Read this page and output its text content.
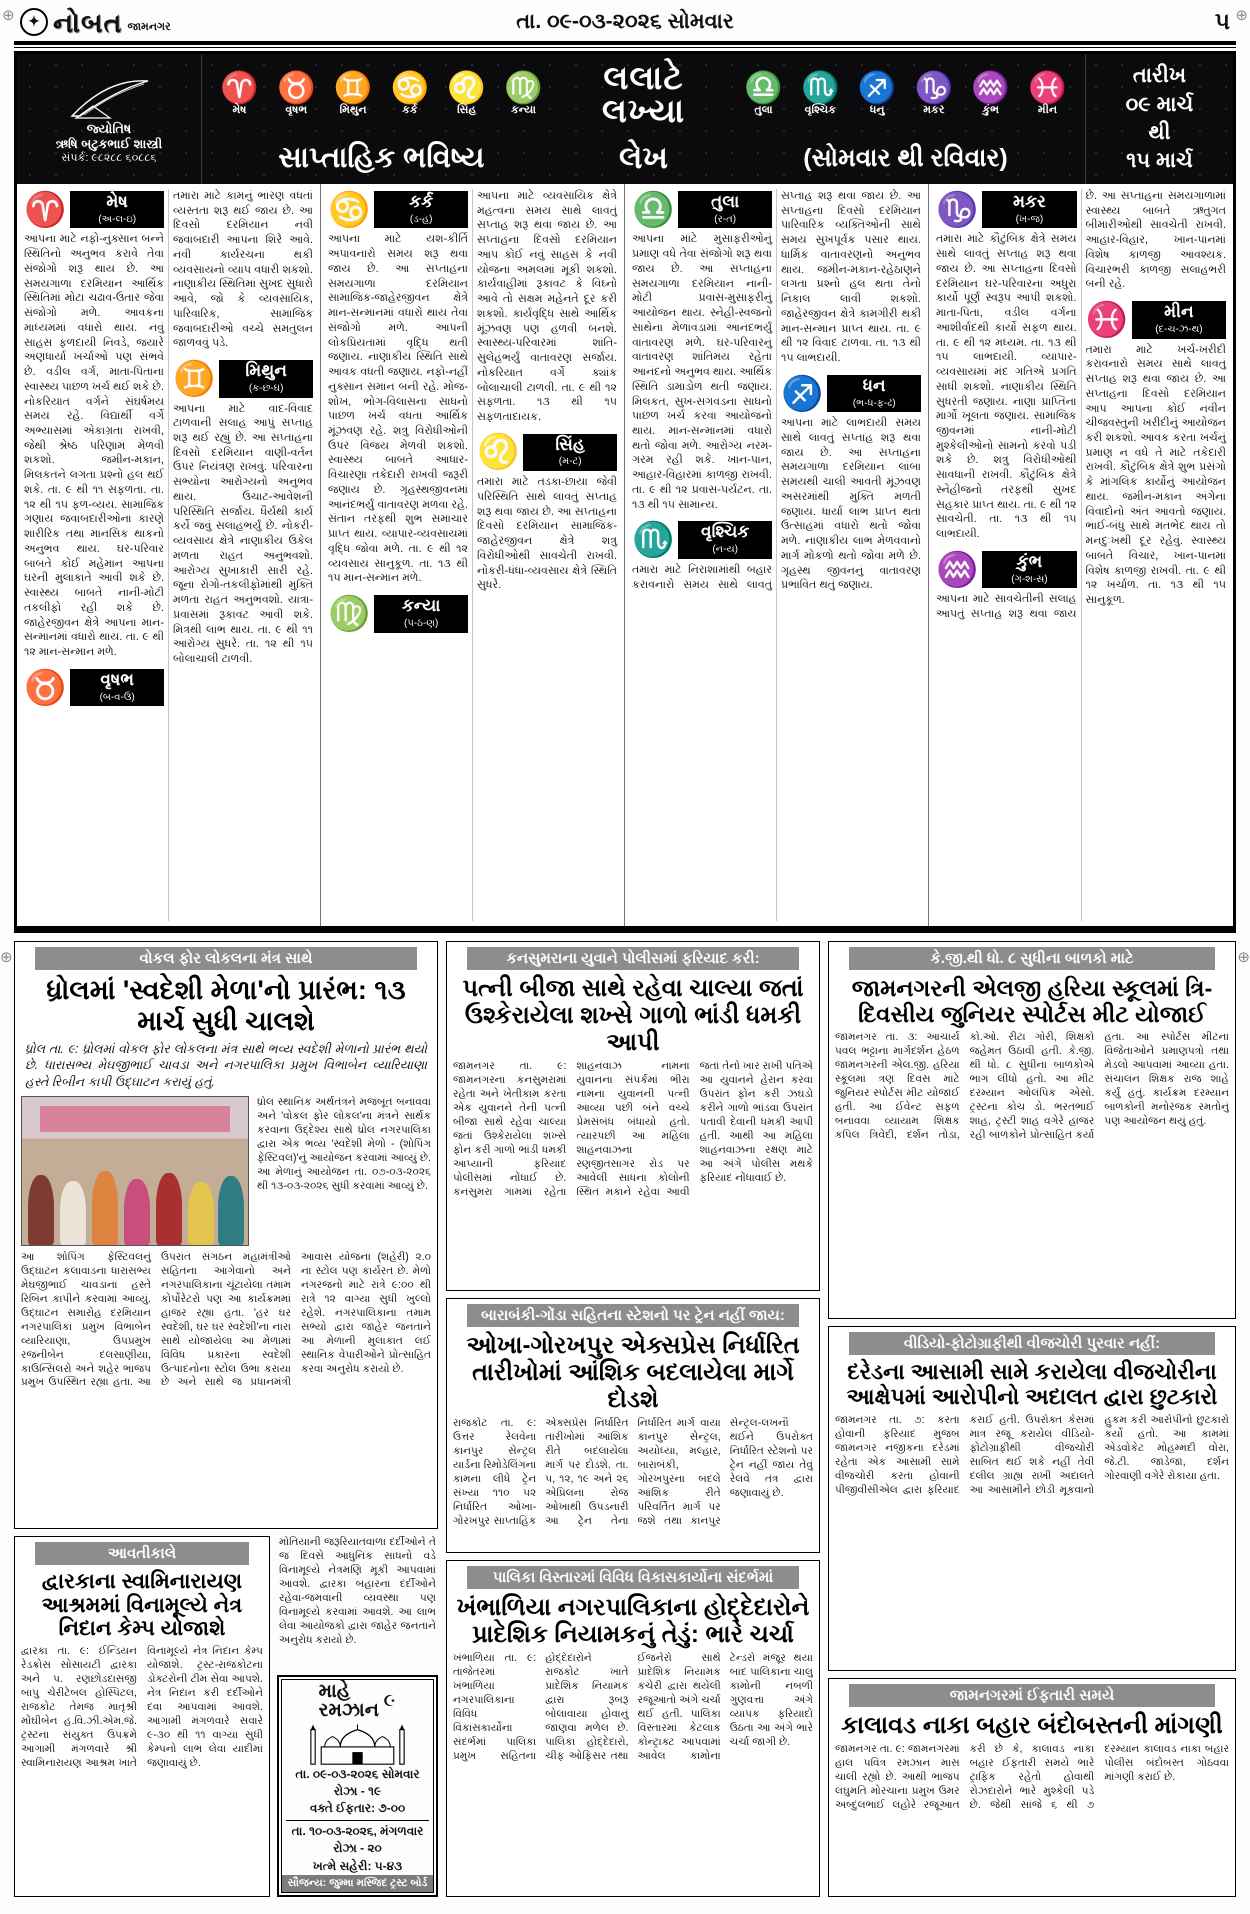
⊕	⊕
⊕
⊕
✦ નોબત જામનગર	તા. ૦૯-૦૩-૨૦૨૬ સોમવાર	૫
જ્યોતિષ
ઋષિ બટુકભાઈ શાસ્ત્રી
સંપર્ક: ૯૮૨૮૮ ૬૦૮૮૬
♈
મેષ
♉
વૃષભ
♊
મિથુન
♋
કર્ક
♌
સિંહ
♍
કન્યા
લલાટે
લખ્યા
♎
તુલા
♏
વૃશ્ચિક
♐
ધનુ
♑
મકર
♒
કુંભ
♓
મીન
સાપ્તાહિક ભવિષ્ય	લેખ	(સોમવાર થી રવિવાર)
તારીખ
૦૯ માર્ચ
થી
૧૫ માર્ચ
♈	મેષ
(અ-લ-ઇ)
આપના માટે નફો-નુક્સાન બન્ને સ્થિતિનો અનુભવ કરાવે તેવા સંજોગો શરૂ થાય છે. આ સમયગાળા દરમિયાન આર્થિક સ્થિતિમાં મોટા ચઢાવ-ઉતાર જેવા સંજોગો મળે. આવકના માધ્યમમાં વધારો થાય. નવું સાહસ ફળદાયી નિવડે, જયારે અણધાર્યા ખર્ચાઓ પણ સંભવે છે. વડીલ વર્ગ, માતા-પિતાના સ્વાસ્થ્ય પાછળ ખર્ચ થઈ શકે છે. નોકરિયાત વર્ગને સંઘર્ષમય સમય રહે. વિદ્યાર્થી વર્ગે અભ્યાસમાં એકાગ્રતા રાખવી, જેથી શ્રેષ્ઠ પરિણામ મેળવી શકશો. જમીન-મકાન, મિલકતને લગતા પ્રશ્નો હલ થઈ શકે. તા. ૯ થી ૧૧ સફળતા. તા. ૧૨ થી ૧૫ ફળ-વ્યય. સામાજિક ગણાય જવાબદારીઓના કારણે શારીરિક તથા માનસિક થાકનો અનુભવ થાય. ઘર-પરિવાર બાબતે કોઈ મહેમાન આપના ઘરની મુલાકાતે આવી શકે છે. સ્વાસ્થ્ય બાબતે નાની-મોટી તકલીફો રહી શકે છે. જાહેરજીવન ક્ષેત્રે આપના માન-સન્માનમાં વધારો થાય. તા. ૯ થી ૧૨ માન-સન્માન મળે.
♉	વૃષભ
(બ-વ-ઉ)
તમારા માટે કામનું ભારણ વધતાં વ્યસ્તતા શરૂ થઈ જાય છે. આ દિવસો દરમિયાન નવી જવાબદારી આપના શિરે આવે. નવી કાર્યરચના થકી વ્યવસાયનો વ્યાપ વધારી શકશો. નાણાકીય સ્થિતિમાં સુખદ સુધારો આવે, જો કે વ્યવસાયિક, પારિવારિક, સામાજિક જવાબદારીઓ વચ્ચે સમતુલન જાળવવું પડે.
♊	મિથુન
(ક-છ-ઘ)
આપના માટે વાદ-વિવાદ ટાળવાની સલાહ આપું સપ્તાહ શરૂ થઈ રહ્યું છે. આ સપ્તાહના દિવસો દરમિયાન વાણી-વર્તન ઉપર નિયંત્રણ રાખવું. પરિવારના સભ્યોના આરોગ્યનો અનુભવ થાય. ઉચાટ-આવેશની પરિસ્થિતિ સર્જાય. ધૈર્યથી કાર્ય કર્યે જવું સલાહભર્યું છે. નોકરી-વ્યવસાય ક્ષેત્રે નાણાકીય ઉકેલ મળતા રાહત અનુભવશો. આરોગ્ય સુખાકારી સારી રહે. જૂના રોગો-તકલીફોમાંથી મુક્તિ મળતા રાહત અનુભવશો. યાત્રા-પ્રવાસમાં રૂકાવટ આવી શકે. મિત્રથી લાભ થાય. તા. ૯ થી ૧૧ આરોગ્ય સુધરે. તા. ૧૨ થી ૧૫ બોલાચાલી ટાળવી.
♋	કર્ક
(ડ-હ)
આપના માટે યશ-કીર્તિ અપાવનારો સમય શરૂ થવા જાય છે. આ સપ્તાહના સમયગાળા દરમિયાન સામાજિક-જાહેરજીવન ક્ષેત્રે માન-સન્માનમાં વધારો થાય તેવા સંજોગો મળે. આપની લોકપ્રિયતામાં વૃદ્ધિ થતી જણાય. નાણાકીય સ્થિતિ સાથે આવક વધતી જણાય. નફો-નહીં નુક્સાન સમાન બની રહે. મોજ-શોખ, ભોગ-વિલાસના સાધનો પાછળ ખર્ચ વધતા આર્થિક મૂંઝવણ રહે. શત્રુ વિરોધીઓની ઉપર વિજય મેળવી શકશો. સ્વાસ્થ્ય બાબતે આધાર-વિચારણા તકેદારી રાખવી જરૂરી જણાય છે. ગૃહસ્થજીવનમાં આનંદભર્યું વાતાવરણ મળવા રહે. સંતાન તરફથી શુભ સમાચાર પ્રાપ્ત થાય. વ્યાપાર-વ્યવસાયમાં વૃદ્ધિ જોવા મળે. તા. ૯ થી ૧૨ વ્યવસાય સાનુકૂળ. તા. ૧૩ થી ૧૫ માન-સન્માન મળે.
♍	કન્યા
(પ-ઠ-ણ)
આપના માટે વ્યવસાયિક ક્ષેત્રે મહત્વના સમય સાથે લાવતું સપ્તાહ શરૂ થવા જાય છે. આ સપ્તાહના દિવસો દરમિયાન આપ કોઈ નવું સાહસ કે નવી યોજના અમલમાં મૂકી શકશો. કાર્યવાહીમાં રૂકાવટ કે વિઘ્નો આવે તો સક્ષમ મહેનતે દૂર કરી શકશો. કાર્યવૃદ્ધિ સાથે આર્થિક મૂંઝવણ પણ હળવી બનશે. સ્વાસ્થ્ય-પરિવારમાં શાંતિ-સુલેહભર્યું વાતાવરણ સર્જાય. નોકરિયાત વર્ગે ક્યાંક બોલાચાલી ટાળવી. તા. ૯ થી ૧૨ સફળતા. ૧૩ થી ૧૫ સફળતાદાયક.
♌	સિંહ
(મ-ટ)
તમારા માટે તડકા-છાયા જેવી પરિસ્થિતિ સાથે લાવતું સપ્તાહ શરૂ થવા જાય છે. આ સપ્તાહના દિવસો દરમિયાન સામાજિક-જાહેરજીવન ક્ષેત્રે શત્રુ વિરોધીઓથી સાવચેતી રાખવી. નોકરી-ધંધા-વ્યવસાય ક્ષેત્રે સ્થિતિ સુધરે.
♎	તુલા
(ર-ત)
આપના માટે મુસાફરીઓનું પ્રમાણ વધે તેવા સંજોગો શરૂ થવા જાય છે. આ સપ્તાહના સમયગાળા દરમિયાન નાની-મોટી પ્રવાસ-મુસાફરીનું આયોજન થાય. સ્નેહી-સ્વજનો સાથેના મેળાવડામાં આનંદભર્યું વાતાવરણ મળે. ઘર-પરિવારનું વાતાવરણ શાંતિમય રહેતા આનંદનો અનુભવ થાય. આર્થિક સ્થિતિ ડામાડોળ થતી જણાય. મિલકત, સુખ-સગવડના સાધનો પાછળ ખર્ચ કરવા આયોજનો થાય. માન-સન્માનમાં વધારો થતો જોવા મળે. આરોગ્ય નરમ-ગરમ રહી શકે. ખાન-પાન, આહાર-વિહારમાં કાળજી રાખવી. તા. ૯ થી ૧૨ પ્રવાસ-પર્યટન. તા. ૧૩ થી ૧૫ સામાન્ય.
♏	વૃશ્ચિક
(ન-ય)
તમારા માટે નિરાશામાંથી બહાર કરાવનારો સમય સાથે લાવતું સપ્તાહ શરૂ થવા જાય છે. આ સપ્તાહના દિવસો દરમિયાન પારિવારિક વ્યક્તિઓની સાથે સમય સુખપૂર્વક પસાર થાય. ધાર્મિક વાતાવરણનો અનુભવ થાય. જમીન-મકાન-રહેઠાણને લગતા પ્રશ્નો હલ થતા તેનો નિકાલ લાવી શકશો. જાહેરજીવન ક્ષેત્રે કામગીરી થકી માન-સન્માન પ્રાપ્ત થાય. તા. ૯ થી ૧૨ વિવાદ ટાળવા. તા. ૧૩ થી ૧૫ લાભદાયી.
♐	ધન
(ભ-ધ-ફ-ઢ)
આપના માટે લાભદાયી સમય સાથે લાવતું સપ્તાહ શરૂ થવા જાય છે. આ સપ્તાહના સમયગાળા દરમિયાન લાંબા સમયથી ચાલી આવતી મૂંઝવણ અસરમાંથી મુક્તિ મળતી જણાય. ધાર્યા લાભ પ્રાપ્ત થતા ઉત્સાહમાં વધારો થતો જોવા મળે. નાણાકીય લાભ મેળવવાનો માર્ગ મોકળો થતો જોવા મળે છે. ગૃહસ્થ જીવનનું વાતાવરણ પ્રભાવિત થતું જણાય.
♑	મકર
(ખ-જ)
તમારા માટે કૌટુંબિક ક્ષેત્રે સમય સાથે લાવતું સપ્તાહ શરૂ થવા જાય છે. આ સપ્તાહના દિવસો દરમિયાન ઘર-પરિવારના અધુરા કાર્યો પૂર્ણ સ્વરૂપ આપી શકશો. માતા-પિતા, વડીલ વર્ગના આશીર્વાદથી કાર્યો સફળ થાય. તા. ૯ થી ૧૨ મધ્યમ. તા. ૧૩ થી ૧૫ લાભદાયી. વ્યાપાર-વ્યવસાયમાં મંદ ગતિએ પ્રગતિ સાધી શકશો. નાણાકીય સ્થિતિ સુધરતી જણાય. નાણા પ્રાપ્તિના માર્ગો ખૂલતા જણાય. સામાજિક જીવનમાં નાની-મોટી મુશ્કેલીઓનો સામનો કરવો પડી શકે છે. શત્રુ વિરોધીઓથી સાવધાની રાખવી. કૌટુંબિક ક્ષેત્રે સ્નેહીજનો તરફથી સુખદ સહકાર પ્રાપ્ત થાય. તા. ૯ થી ૧૨ સાવચેતી. તા. ૧૩ થી ૧૫ લાભદાયી.
♒	કુંભ
(ગ-શ-સ)
આપના માટે સાવચેતીની સલાહ આપતું સપ્તાહ શરૂ થવા જાય છે. આ સપ્તાહના સમયગાળામાં સ્વાસ્થ્ય બાબતે ઋતુગત બીમારીઓથી સાવચેતી રાખવી. આહાર-વિહાર, ખાન-પાનમાં વિશેષ કાળજી આવશ્યક. વિચારભરી કાળજી સલાહભરી બની રહે.
♓	મીન
(દ-ચ-ઝ-થ)
તમારા માટે ખર્ચ-ખરીદી કરાવનારો સમય સાથે લાવતું સપ્તાહ શરૂ થવા જાય છે. આ સપ્તાહના દિવસો દરમિયાન આપ આપના કોઈ નવીન ચીજવસ્તુની ખરીદીનું આયોજન કરી શકશો. આવક કરતા ખર્ચનું પ્રમાણ ન વધે તે માટે તકેદારી રાખવી. કૌટુંબિક ક્ષેત્રે શુભ પ્રસંગો કે માંગલિક કાર્યોનું આયોજન થાય. જમીન-મકાન અંગેના વિવાદોનો અંત આવતો જણાય. ભાઈ-બંધુ સાથે મતભેદ થાય તો મનદુઃખથી દૂર રહેવું. સ્વાસ્થ્ય બાબતે વિચાર, ખાન-પાનમાં વિશેષ કાળજી રાખવી. તા. ૯ થી ૧૨ ખર્ચાળ. તા. ૧૩ થી ૧૫ સાનુકૂળ.
વોકલ ફોર લોકલના મંત્ર સાથે
ધ્રોલમાં 'સ્વદેશી મેળા'નો પ્રારંભ: ૧૩ માર્ચ સુધી ચાલશે
ધ્રોલ તા. ૯: ધ્રોલમાં વોકલ ફોર લોકલના મંત્ર સાથે ભવ્ય સ્વદેશી મેળાનો પ્રારંભ થયો છે. ધારાસભ્ય મેઘજીભાઈ ચાવડા અને નગરપાલિકા પ્રમુખ વિભાબેન વ્યારિયાણા હસ્તે રિબીન કાપી ઉદ્ઘાટન કરાયું હતું.
ધ્રોલ સ્થાનિક અર્થતંત્રને મજબૂત બનાવવા અને 'વોકલ ફોર લોકલ'ના મંત્રને સાર્થક કરવાના ઉદ્દેશ્ય સાથે ધ્રોલ નગરપાલિકા દ્વારા એક ભવ્ય 'સ્વદેશી મેળો - (શોપિંગ ફેસ્ટિવલ)'નું આયોજન કરવામાં આવ્યું છે. આ મેળાનું આયોજન તા. ૦૭-૦૩-૨૦૨૬ થી ૧૩-૦૩-૨૦૨૬ સુધી કરવામાં આવ્યું છે.
આ શોપિંગ ફેસ્ટિવલનું ઉદ્ઘાટન કલાવાડના ધારાસભ્ય મેઘજીભાઈ ચાવડાના હસ્તે રિબિન કાપીને કરવામાં આવ્યું. ઉદ્ઘાટન સમારોહ દરમિયાન નગરપાલિકા પ્રમુખ વિભાબેન વ્યારિયાણા, ઉપપ્રમુખ રજનીબેન દલસાણીયા, કાઉન્સિલરો અને શહેર ભાજપ પ્રમુખ ઉપસ્થિત રહ્યા હતા. આ ઉપરાંત સંગઠન મહામંત્રીઓ સહિતના આગેવાનો અને નગરપાલિકાના ચૂંટાયેલા તમામ કોર્પોરેટરો પણ આ કાર્યક્રમમાં હાજર રહ્યા હતા. 'હર ઘર સ્વદેશી, ઘર ઘર સ્વદેશી'ના નારા સાથે યોજાયેલા આ મેળામાં વિવિધ પ્રકારના સ્વદેશી ઉત્પાદનોના સ્ટોલ ઉભા કરાયા છે અને સાથે જ પ્રધાનમંત્રી આવાસ યોજના (શહેરી) ૨.૦ ના સ્ટોલ પણ કાર્યરત છે. મેળો નગરજનો માટે રાત્રે ૯:૦૦ થી રાત્રે ૧૨ વાગ્યા સુધી ખુલ્લો રહેશે. નગરપાલિકાના તમામ સભ્યો દ્વારા જાહેર જનતાને આ મેળાની મુલાકાત લઈ સ્થાનિક વેપારીઓને પ્રોત્સાહિત કરવા અનુરોધ કરાયો છે.
આવતીકાલે
દ્વારકાના સ્વામિનારાયણ આશ્રમમાં વિનામૂલ્યે નેત્ર નિદાન કેમ્પ યોજાશે
દ્વારકા તા. ૯: ઈન્ડિયન રેડક્રોસ સોસાયટી દ્વારકા અને પ. રણછોડદાસજી બાપુ ચેરીટેબલ હોસ્પિટલ, રાજકોટ તેમજ માતૃશ્રી મોંઘીબેન હ.વિ.ઝી.એમ.જે. ટ્રસ્ટના સંયુક્ત ઉપક્રમે આગામી મંગળવારે શ્રી સ્વામિનારાયણ આશ્રમ ખાતે વિનામૂલ્યે નેત્ર નિદાન કેમ્પ યોજાશે. ટ્રસ્ટ-રાજકોટના ડોક્ટરોની ટીમ સેવા આપશે. નેત્ર નિદાન કરી દર્દીઓને દવા આપવામાં આવશે. આગામી મંગળવારે સવારે ૯-૩૦ થી ૧૧ વાગ્યા સુધી કેમ્પનો લાભ લેવા યાદીમાં જણાવાયું છે.
મોતિયાની જરૂરિયાતવાળા દર્દીઓને તે જ દિવસે આધુનિક સાધનો વડે વિનામૂલ્યે નેત્રમણિ મૂકી આપવામાં આવશે. દ્વારકા બહારના દર્દીઓને રહેવા-જમવાની વ્યવસ્થા પણ વિનામૂલ્યે કરવામાં આવશે. આ લાભ લેવા આયોજકો દ્વારા જાહેર જનતાને અનુરોધ કરાયો છે.
માહે
રમઝાન ☪
તા. ૦૯-૦૩-૨૦૨૬ સોમવાર
રોઝા - ૧૯
વક્તે ઈફતાર: ૭-૦૦
તા. ૧૦-૦૩-૨૦૨૬, મંગળવાર
રોઝા - ૨૦
ખત્મે સહેરી: ૫-૪૩
સૌજન્ય: જુમ્મા મસ્જિદ ટ્રસ્ટ બોર્ડ
કનસુમરાના યુવાને પોલીસમાં ફરિયાદ કરી:
પત્ની બીજા સાથે રહેવા ચાલ્યા જતાં ઉશ્કેરાયેલા શખ્સે ગાળો ભાંડી ધમકી આપી
જામનગર તા. ૯: જામનગરના કનસુમરામાં રહેતા અને ખેતીકામ કરતા એક યુવાનને તેની પત્ની બીજા સાથે રહેવા ચાલ્યા જતાં ઉશ્કેરાયેલા શખ્સે ફોન કરી ગાળો ભાંડી ધમકી આપ્યાની ફરિયાદ પોલીસમાં નોંધાઈ છે. કનસુમરા ગામમાં રહેતા શાહનવાઝ નામના યુવાનના સંપર્કમાં ભીરા નામના યુવાનની પત્ની આવ્યા પછી બંને વચ્ચે પ્રેમસંબંધ બંધાયો હતો. ત્યારપછી આ મહિલા શાહનવાઝના રણજીતસાગર રોડ પર આવેલી સાધના કોલોની સ્થિત મકાને રહેવા આવી જતાં તેનો ખાર રાખી પતિએ આ યુવાનને હેરાન કરવા ઉપરાંત ફોન કરી ઝઘડો કરીને ગાળો ભાંડવા ઉપરાંત પતાવી દેવાની ધમકી આપી હતી. આથી આ મહિલા શાહનવાઝના રક્ષણ માટે આ અંગે પોલીસ મથકે ફરિયાદ નોંધાવાઈ છે.
બારાબંકી-ગોંડા સહિતના સ્ટેશનો પર ટ્રેન નહીં જાય:
ઓખા-ગોરખપુર એક્સપ્રેસ નિર્ધારિત તારીખોમાં આંશિક બદલાયેલા માર્ગે દોડશે
રાજકોટ તા. ૯: ઉત્તર રેલવેના કાનપુર સેન્ટ્રલ યાર્ડના રિમોડેલિંગના કામના લીધે ટ્રેન સંખ્યા ૧૧૦ ૫૨ નિર્ધારિત ઓખા-ગોરખપુર સાપ્તાહિક એક્સપ્રેસ નિર્ધારિત તારીખોમાં આંશિક રીતે બદલાયેલા માર્ગ પર દોડશે. તા. ૫, ૧૨, ૧૯ અને ૨૬ એપ્રિલના રોજ ઓખાથી ઉપડનારી આ ટ્રેન તેના નિર્ધારિત માર્ગ વાયા કાનપુર સેન્ટ્રલ, અયોધ્યા, મલ્હાર, બારાબંકી, ગોરખપુરના બદલે આંશિક રીતે પરિવર્તિત માર્ગ પર જશે તથા કાનપુર સેન્ટ્રલ-લખનૌ થઈને ઉપરોક્ત નિર્ધારિત સ્ટેશનો પર ટ્રેન નહીં જાય તેવું રેલવે તંત્ર દ્વારા જણાવાયું છે.
પાલિકા વિસ્તારમાં વિવિધ વિકાસકાર્યોના સંદર્ભમાં
ખંભાળિયા નગરપાલિકાના હોદ્દેદારોને પ્રાદેશિક નિયામકનું તેડું: ભારે ચર્ચા
ખંભાળિયા તા. ૯: તાજેતરમાં ખંભાળિયા નગરપાલિકાના વિવિધ વિકાસકાર્યોના સંદર્ભમાં પાલિકા પ્રમુખ સહિતના હોદ્દેદારોને રાજકોટ ખાતે પ્રાદેશિક નિયામક દ્વારા રૂબરૂ બોલાવાયા હોવાનું જાણવા મળેલ છે. પાલિકા હોદ્દેદારો, ચીફ ઓફિસર તથા ઈજનેરો સાથે પ્રાદેશિક નિયામક કચેરી દ્વારા થયેલી રજૂઆતો અંગે ચર્ચા થઈ હતી. પાલિકા વિસ્તારમાં કેટલાક કોન્ટ્રાક્ટ આપવામાં આવેલ કામોના ટેન્ડરો મંજૂર થયા બાદ પાલિકાના ચાલુ કામોની નબળી ગુણવત્તા અંગે વ્યાપક ફરિયાદો ઉઠતા આ અંગે ભારે ચર્ચા જાગી છે.
કે.જી.થી ધો. ૮ સુધીના બાળકો માટે
જામનગરની એલજી હરિયા સ્કૂલમાં ત્રિ-દિવસીય જુનિયર સ્પોર્ટસ મીટ યોજાઈ
જામનગર તા. ૩: આચાર્ય પવલ ભટ્ટાના માર્ગદર્શન હેઠળ જામનગરની એલ.જી. હરિયા સ્કૂલમાં ત્રણ દિવસ માટે જુનિયર સ્પોર્ટસ મીટ યોજાઈ હતી. આ ઈવેન્ટ સફળ બનાવવા વ્યાયામ શિક્ષક કપિલ ત્રિવેદી, દર્શન તોડા, કો.ઓ. રીટા ગોરી, શિક્ષકો જહેમત ઉઠાવી હતી. કે.જી. થી ધો. ૮ સુધીના બાળકોએ ભાગ લીધો હતો. આ મીટ દરમ્યાન ઓલંપિક એસો. ટ્રસ્ટના કોચ ડો. ભરતભાઈ શાહ, ટ્રસ્ટી શાહ વગેરે હાજર રહી બાળકોને પ્રોત્સાહિત કર્યા હતા. આ સ્પોર્ટસ મીટના વિજેતાઓને પ્રમાણપત્રો તથા મેડલો આપવામાં આવ્યા હતા. સંચાલન શિક્ષક રાજ શાહે કર્યું હતું. કાર્યક્રમ દરમ્યાન બાળકોની મનોરંજક રમતોનું પણ આયોજન થયું હતું.
વીડિયો-ફોટોગ્રાફીથી વીજચોરી પુરવાર નહીં:
દરેડના આસામી સામે કરાયેલા વીજચોરીના આક્ષેપમાં આરોપીનો અદાલત દ્વારા છુટકારો
જામનગર તા. ૭: કરતા હોવાની ફરિયાદ મુજબ જામનગર નજીકના દરેડમાં રહેતા એક આસામી સામે વીજચોરી કરતા હોવાની પીજીવીસીએલ દ્વારા ફરિયાદ કરાઈ હતી. ઉપરોક્ત કેસમાં માત્ર રજૂ કરાયેલ વીડિયો-ફોટોગ્રાફીથી વીજચોરી સાબિત થઈ શકે નહીં તેવી દલીલ ગ્રાહ્ય રાખી અદાલતે આ આસામીને છોડી મૂકવાનો હુકમ કરી આરોપીનો છુટકારો કર્યો હતો. આ કામમાં એડવોકેટ મોહમ્મદી વોરા, જે.ટી. જાડેજા, દર્શન ગોરવાણી વગેરે રોકાયા હતા.
જામનગરમાં ઈફતારી સમયે
કાલાવડ નાકા બહાર બંદોબસ્તની માંગણી
જામનગર તા. ૯: જામનગરમાં હાલ પવિત્ર રમઝાન માસ ચાલી રહ્યો છે. આથી ભાજપ લઘુમતિ મોરચાના પ્રમુખ ઉમર અબ્દુલભાઈ લહોરે રજૂઆત કરી છે કે, કાલાવડ નાકા બહાર ઈફતારી સમયે ભારે ટ્રાફિક રહેતો હોવાથી રોઝદારોને ભારે મુશ્કેલી પડે છે. જેથી સાંજે ૬ થી ૭ દરમ્યાન કાલાવડ નાકા બહાર પોલીસ બંદોબસ્ત ગોઠવવા માંગણી કરાઈ છે.
